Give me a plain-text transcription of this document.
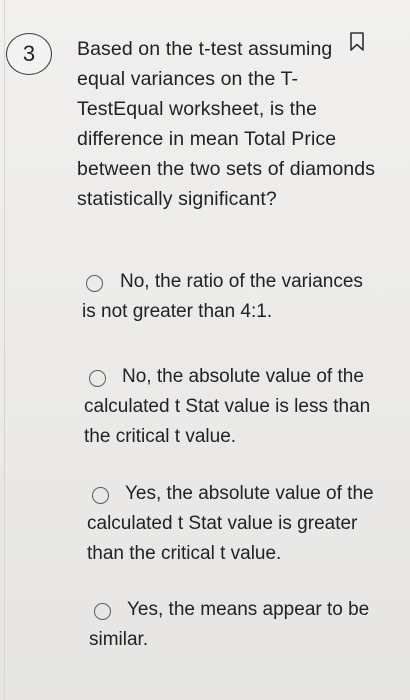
3 Based on the t-test assuming equal variances on the T-TestEqual worksheet, is the difference in mean Total Price between the two sets of diamonds statistically significant?
No, the ratio of the variances is not greater than 4:1.
No, the absolute value of the calculated t Stat value is less than the critical t value.
Yes, the absolute value of the calculated t Stat value is greater than the critical t value.
Yes, the means appear to be similar.
